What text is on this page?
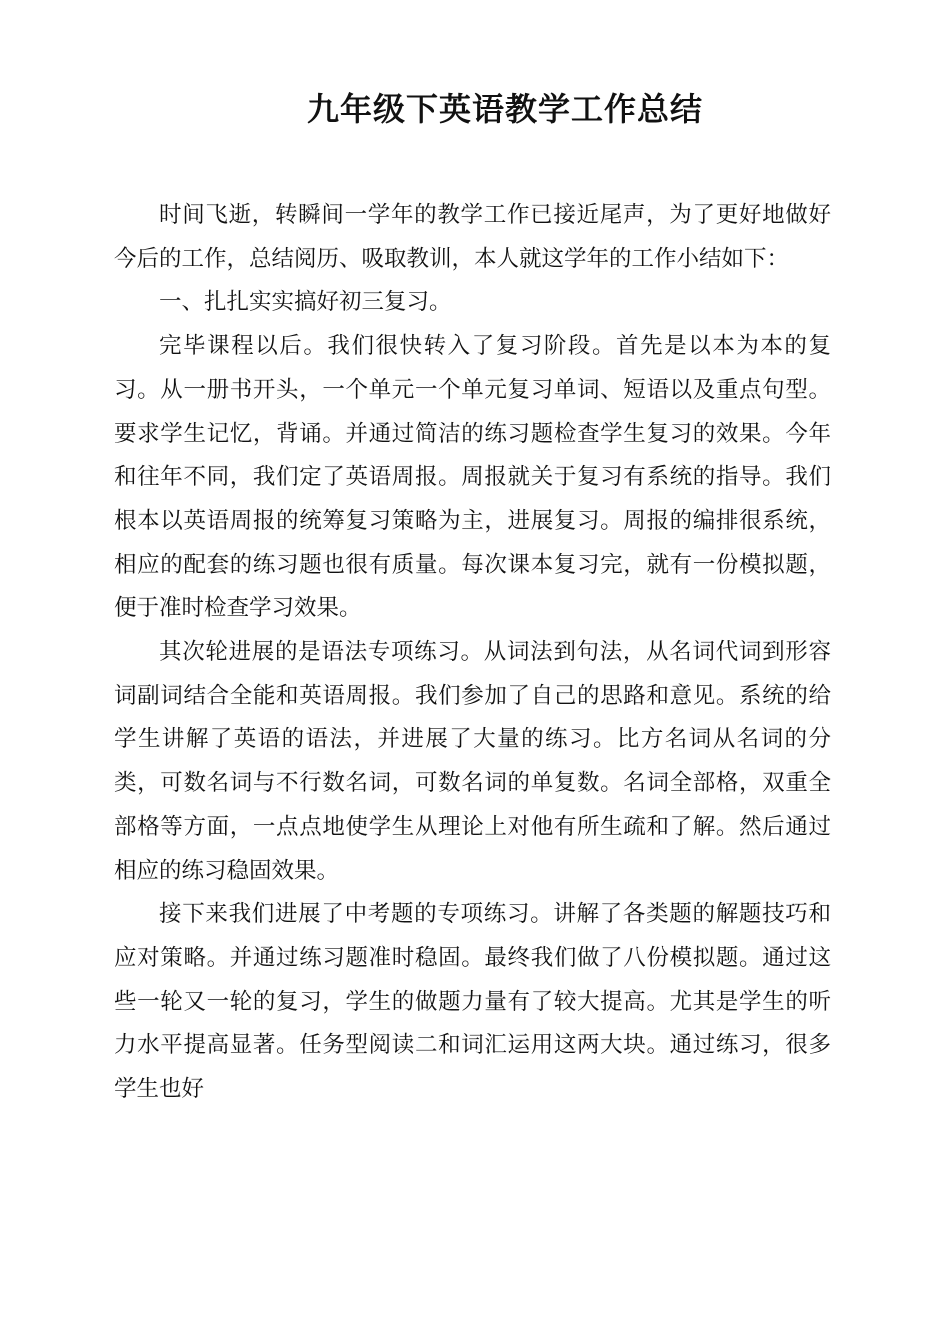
九年级下英语教学工作总结

时间飞逝，转瞬间一学年的教学工作已接近尾声，为了更好地做好今后的工作，总结阅历、吸取教训，本人就这学年的工作小结如下：

一、扎扎实实搞好初三复习。

完毕课程以后。我们很快转入了复习阶段。首先是以本为本的复习。从一册书开头，一个单元一个单元复习单词、短语以及重点句型。要求学生记忆，背诵。并通过简洁的练习题检查学生复习的效果。今年和往年不同，我们定了英语周报。周报就关于复习有系统的指导。我们根本以英语周报的统筹复习策略为主，进展复习。周报的编排很系统，相应的配套的练习题也很有质量。每次课本复习完，就有一份模拟题，便于准时检查学习效果。

其次轮进展的是语法专项练习。从词法到句法，从名词代词到形容词副词结合全能和英语周报。我们参加了自己的思路和意见。系统的给学生讲解了英语的语法，并进展了大量的练习。比方名词从名词的分类，可数名词与不行数名词，可数名词的单复数。名词全部格，双重全部格等方面，一点点地使学生从理论上对他有所生疏和了解。然后通过相应的练习稳固效果。

接下来我们进展了中考题的专项练习。讲解了各类题的解题技巧和应对策略。并通过练习题准时稳固。最终我们做了八份模拟题。通过这些一轮又一轮的复习，学生的做题力量有了较大提高。尤其是学生的听力水平提高显著。任务型阅读二和词汇运用这两大块。通过练习，很多学生也好
